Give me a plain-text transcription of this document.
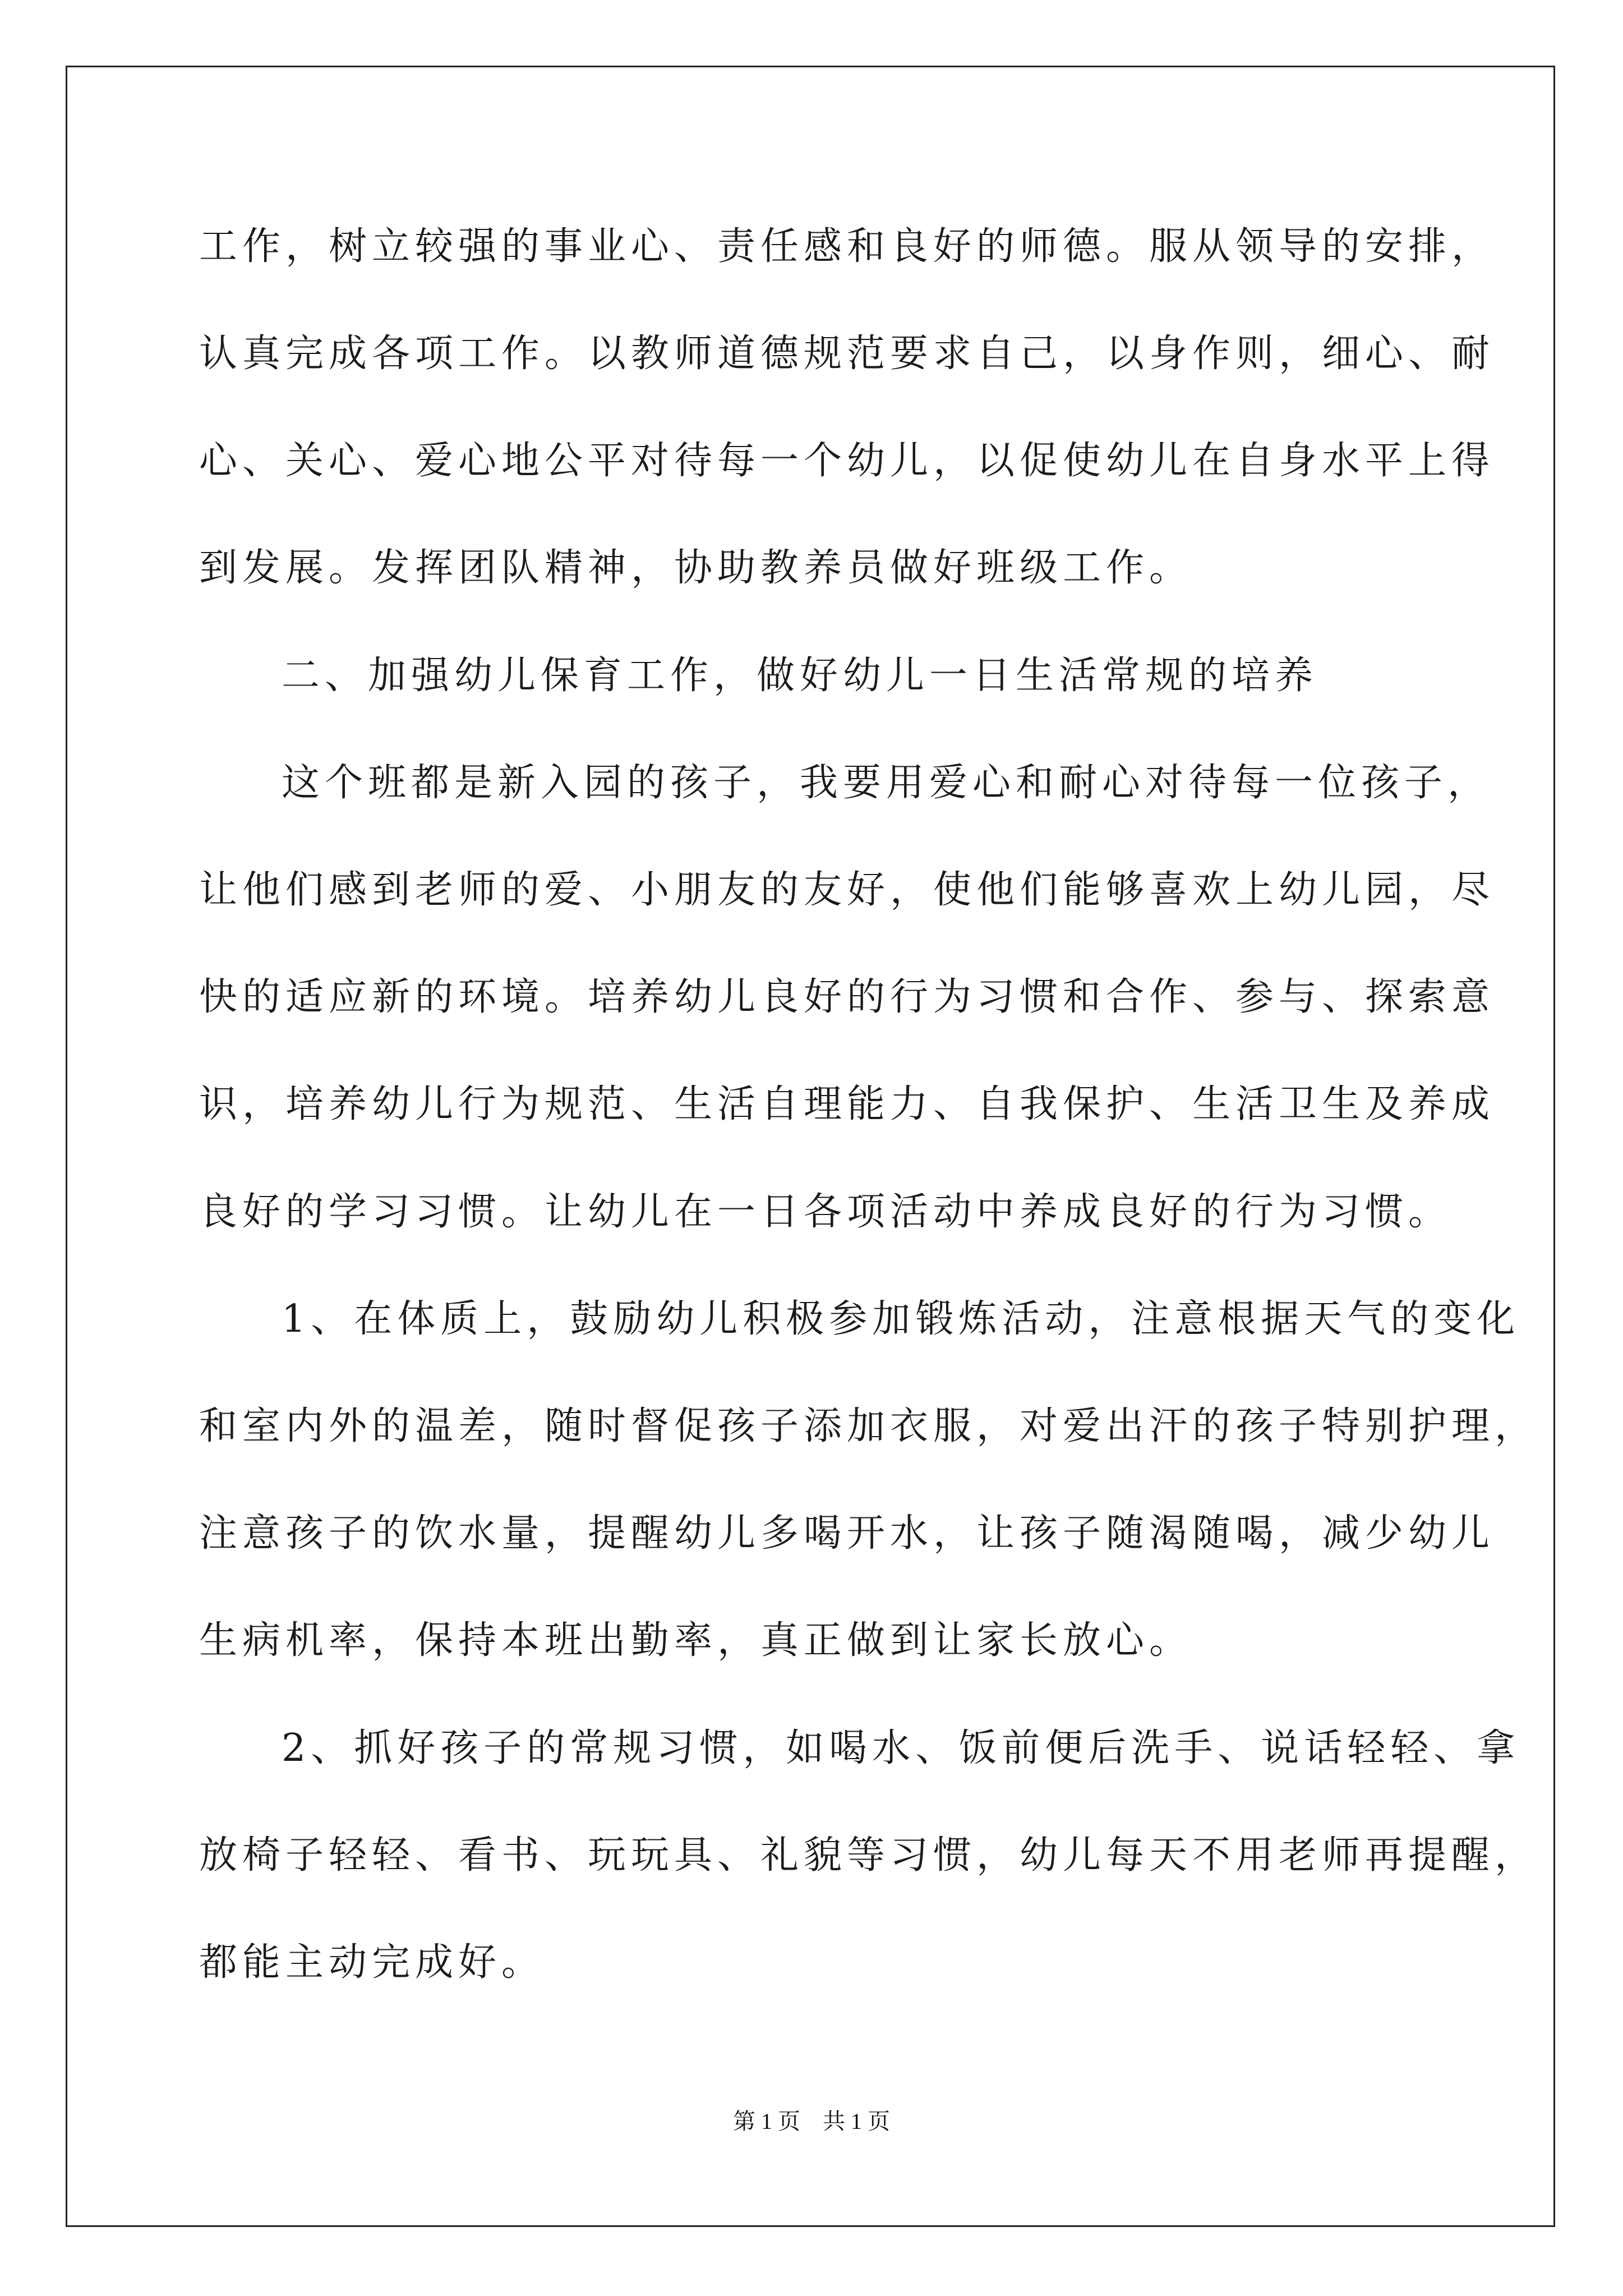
工作，树立较强的事业心、责任感和良好的师德。服从领导的安排，
认真完成各项工作。以教师道德规范要求自己，以身作则，细心、耐
心、关心、爱心地公平对待每一个幼儿，以促使幼儿在自身水平上得
到发展。发挥团队精神，协助教养员做好班级工作。
二、加强幼儿保育工作，做好幼儿一日生活常规的培养
这个班都是新入园的孩子，我要用爱心和耐心对待每一位孩子，
让他们感到老师的爱、小朋友的友好，使他们能够喜欢上幼儿园，尽
快的适应新的环境。培养幼儿良好的行为习惯和合作、参与、探索意
识，培养幼儿行为规范、生活自理能力、自我保护、生活卫生及养成
良好的学习习惯。让幼儿在一日各项活动中养成良好的行为习惯。
1、在体质上，鼓励幼儿积极参加锻炼活动，注意根据天气的变化
和室内外的温差，随时督促孩子添加衣服，对爱出汗的孩子特别护理，
注意孩子的饮水量，提醒幼儿多喝开水，让孩子随渴随喝，减少幼儿
生病机率，保持本班出勤率，真正做到让家长放心。
2、抓好孩子的常规习惯，如喝水、饭前便后洗手、说话轻轻、拿
放椅子轻轻、看书、玩玩具、礼貌等习惯，幼儿每天不用老师再提醒，
都能主动完成好。
第 1 页 共 1 页
